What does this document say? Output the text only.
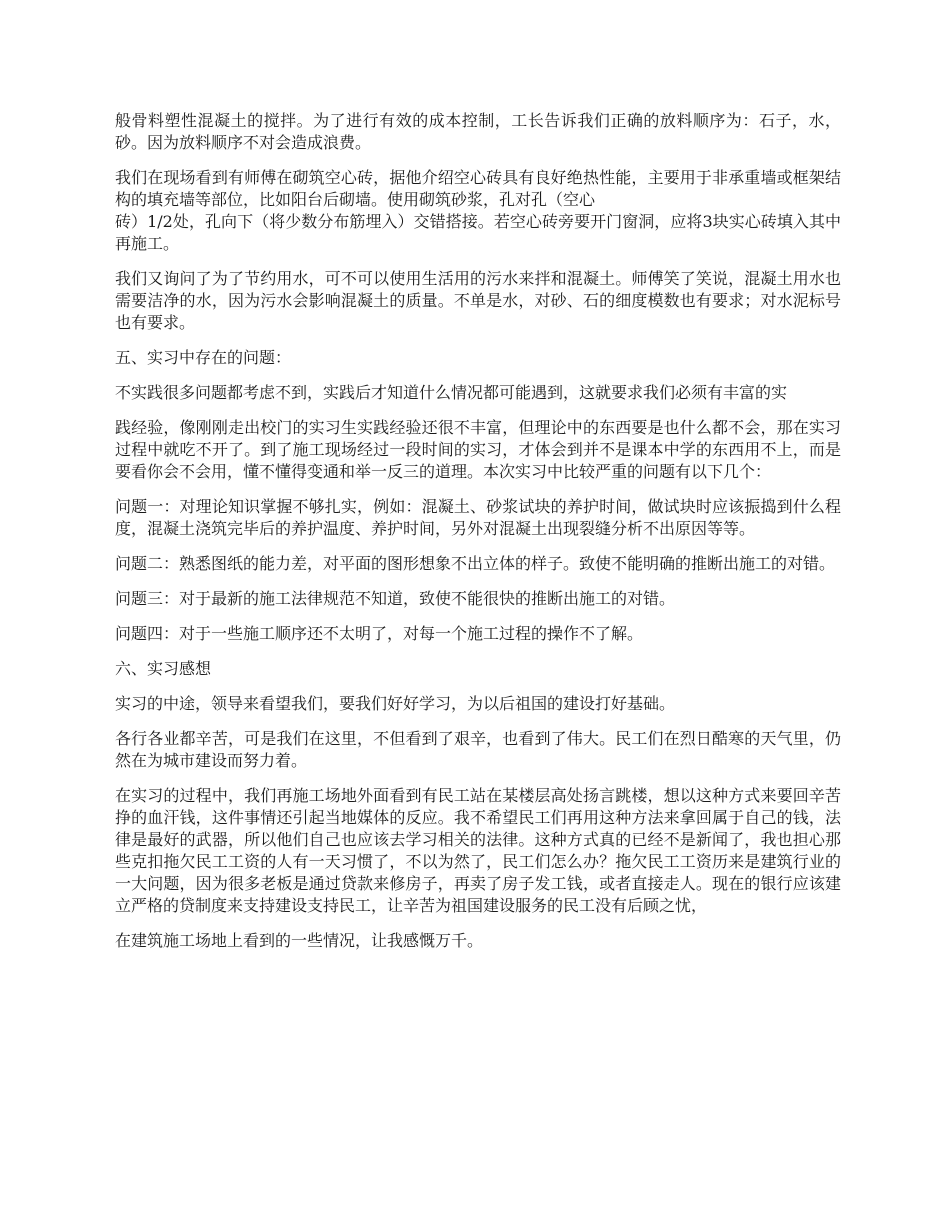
般骨料塑性混凝土的搅拌。为了进行有效的成本控制，工长告诉我们正确的放料顺序为：石子，水，砂。因为放料顺序不对会造成浪费。

我们在现场看到有师傅在砌筑空心砖，据他介绍空心砖具有良好绝热性能，主要用于非承重墙或框架结构的填充墙等部位，比如阳台后砌墙。使用砌筑砂浆，孔对孔（空心
砖）1/2处，孔向下（将少数分布筋埋入）交错搭接。若空心砖旁要开门窗洞，应将3块实心砖填入其中再施工。

我们又询问了为了节约用水，可不可以使用生活用的污水来拌和混凝土。师傅笑了笑说，混凝土用水也需要洁净的水，因为污水会影响混凝土的质量。不单是水，对砂、石的细度模数也有要求；对水泥标号也有要求。

五、实习中存在的问题：

不实践很多问题都考虑不到，实践后才知道什么情况都可能遇到，这就要求我们必须有丰富的实

践经验，像刚刚走出校门的实习生实践经验还很不丰富，但理论中的东西要是也什么都不会，那在实习过程中就吃不开了。到了施工现场经过一段时间的实习，才体会到并不是课本中学的东西用不上，而是要看你会不会用，懂不懂得变通和举一反三的道理。本次实习中比较严重的问题有以下几个：

问题一：对理论知识掌握不够扎实，例如：混凝土、砂浆试块的养护时间，做试块时应该振捣到什么程度，混凝土浇筑完毕后的养护温度、养护时间，另外对混凝土出现裂缝分析不出原因等等。

问题二：熟悉图纸的能力差，对平面的图形想象不出立体的样子。致使不能明确的推断出施工的对错。

问题三：对于最新的施工法律规范不知道，致使不能很快的推断出施工的对错。

问题四：对于一些施工顺序还不太明了，对每一个施工过程的操作不了解。

六、实习感想

实习的中途，领导来看望我们，要我们好好学习，为以后祖国的建设打好基础。

各行各业都辛苦，可是我们在这里，不但看到了艰辛，也看到了伟大。民工们在烈日酷寒的天气里，仍然在为城市建设而努力着。

在实习的过程中，我们再施工场地外面看到有民工站在某楼层高处扬言跳楼，想以这种方式来要回辛苦挣的血汗钱，这件事情还引起当地媒体的反应。我不希望民工们再用这种方法来拿回属于自己的钱，法律是最好的武器，所以他们自己也应该去学习相关的法律。这种方式真的已经不是新闻了，我也担心那些克扣拖欠民工工资的人有一天习惯了，不以为然了，民工们怎么办？拖欠民工工资历来是建筑行业的一大问题，因为很多老板是通过贷款来修房子，再卖了房子发工钱，或者直接走人。现在的银行应该建立严格的贷制度来支持建设支持民工，让辛苦为祖国建设服务的民工没有后顾之忧，

在建筑施工场地上看到的一些情况，让我感慨万千。
